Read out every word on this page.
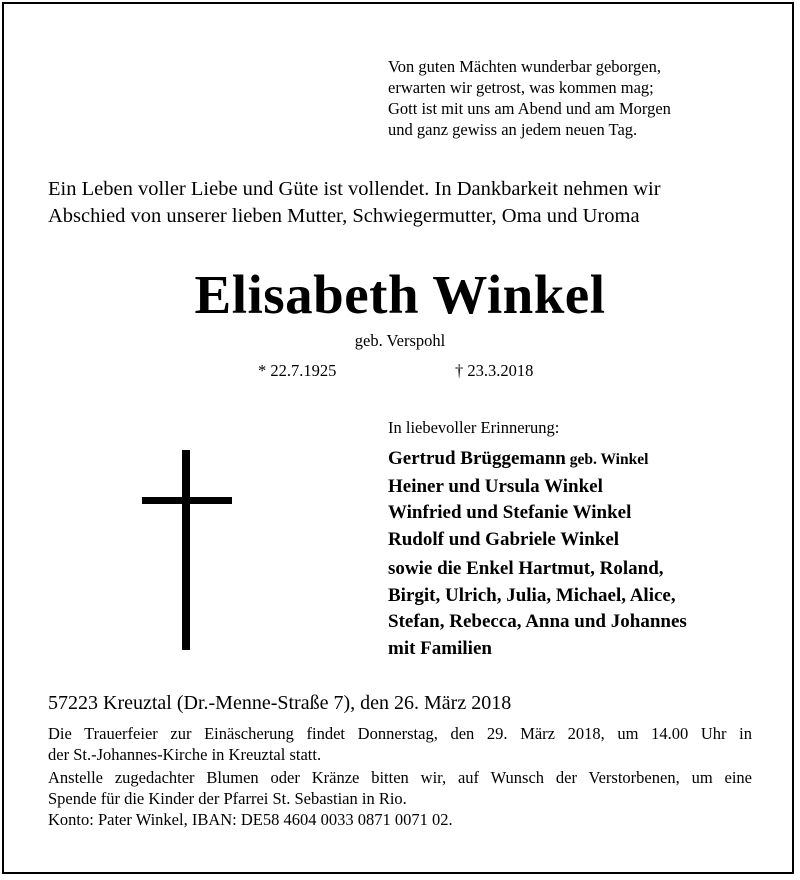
Von guten Mächten wunderbar geborgen,
erwarten wir getrost, was kommen mag;
Gott ist mit uns am Abend und am Morgen
und ganz gewiss an jedem neuen Tag.
Ein Leben voller Liebe und Güte ist vollendet. In Dankbarkeit nehmen wir
Abschied von unserer lieben Mutter, Schwiegermutter, Oma und Uroma
Elisabeth Winkel
geb. Verspohl
* 22.7.1925	† 23.3.2018
In liebevoller Erinnerung:
Gertrud Brüggemann geb. Winkel
Heiner und Ursula Winkel
Winfried und Stefanie Winkel
Rudolf und Gabriele Winkel
sowie die Enkel Hartmut, Roland,
Birgit, Ulrich, Julia, Michael, Alice,
Stefan, Rebecca, Anna und Johannes
mit Familien
57223 Kreuztal (Dr.-Menne-Straße 7), den 26. März 2018
Die Trauerfeier zur Einäscherung findet Donnerstag, den 29. März 2018, um 14.00 Uhr in
der St.-Johannes-Kirche in Kreuztal statt.
Anstelle zugedachter Blumen oder Kränze bitten wir, auf Wunsch der Verstorbenen, um eine
Spende für die Kinder der Pfarrei St. Sebastian in Rio.
Konto: Pater Winkel, IBAN: DE58 4604 0033 0871 0071 02.
